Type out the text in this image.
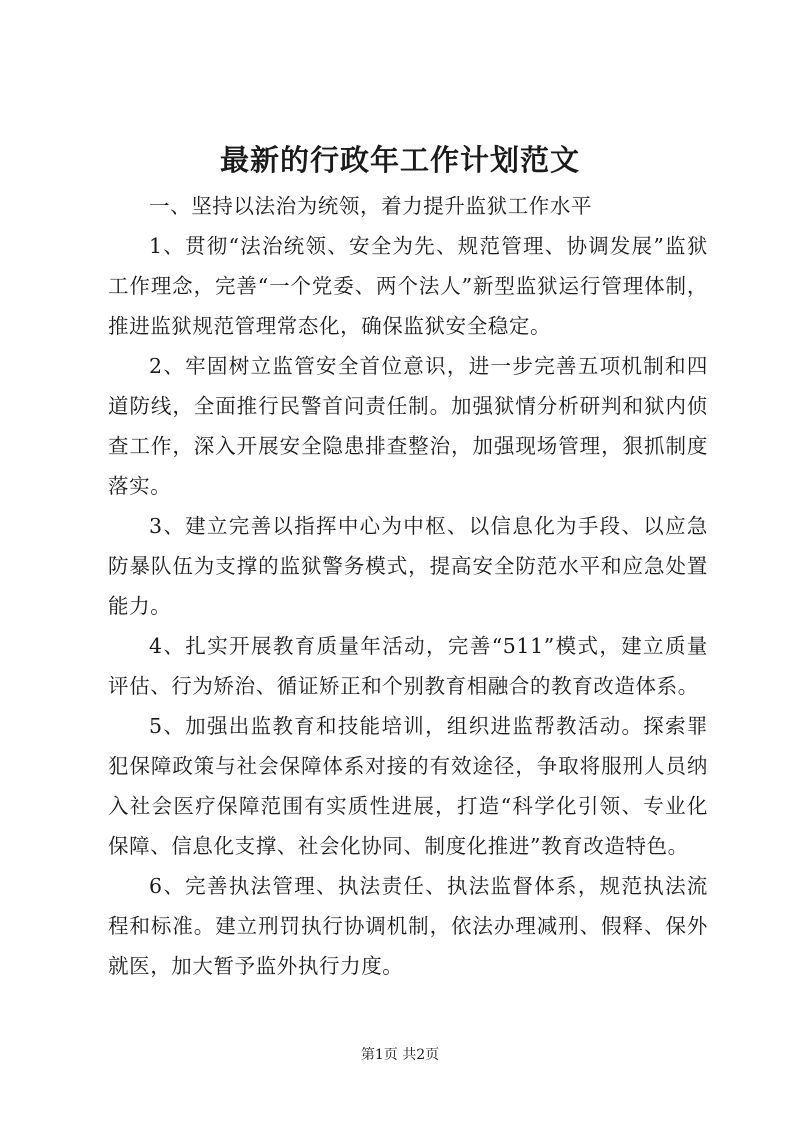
最新的行政年工作计划范文

一、坚持以法治为统领，着力提升监狱工作水平

1、贯彻“法治统领、安全为先、规范管理、协调发展”监狱工作理念，完善“一个党委、两个法人”新型监狱运行管理体制，推进监狱规范管理常态化，确保监狱安全稳定。

2、牢固树立监管安全首位意识，进一步完善五项机制和四道防线，全面推行民警首问责任制。加强狱情分析研判和狱内侦查工作，深入开展安全隐患排查整治，加强现场管理，狠抓制度落实。

3、建立完善以指挥中心为中枢、以信息化为手段、以应急防暴队伍为支撑的监狱警务模式，提高安全防范水平和应急处置能力。

4、扎实开展教育质量年活动，完善“511”模式，建立质量评估、行为矫治、循证矫正和个别教育相融合的教育改造体系。

5、加强出监教育和技能培训，组织进监帮教活动。探索罪犯保障政策与社会保障体系对接的有效途径，争取将服刑人员纳入社会医疗保障范围有实质性进展，打造“科学化引领、专业化保障、信息化支撑、社会化协同、制度化推进”教育改造特色。

6、完善执法管理、执法责任、执法监督体系，规范执法流程和标准。建立刑罚执行协调机制，依法办理减刑、假释、保外就医，加大暂予监外执行力度。

第1页 共2页
